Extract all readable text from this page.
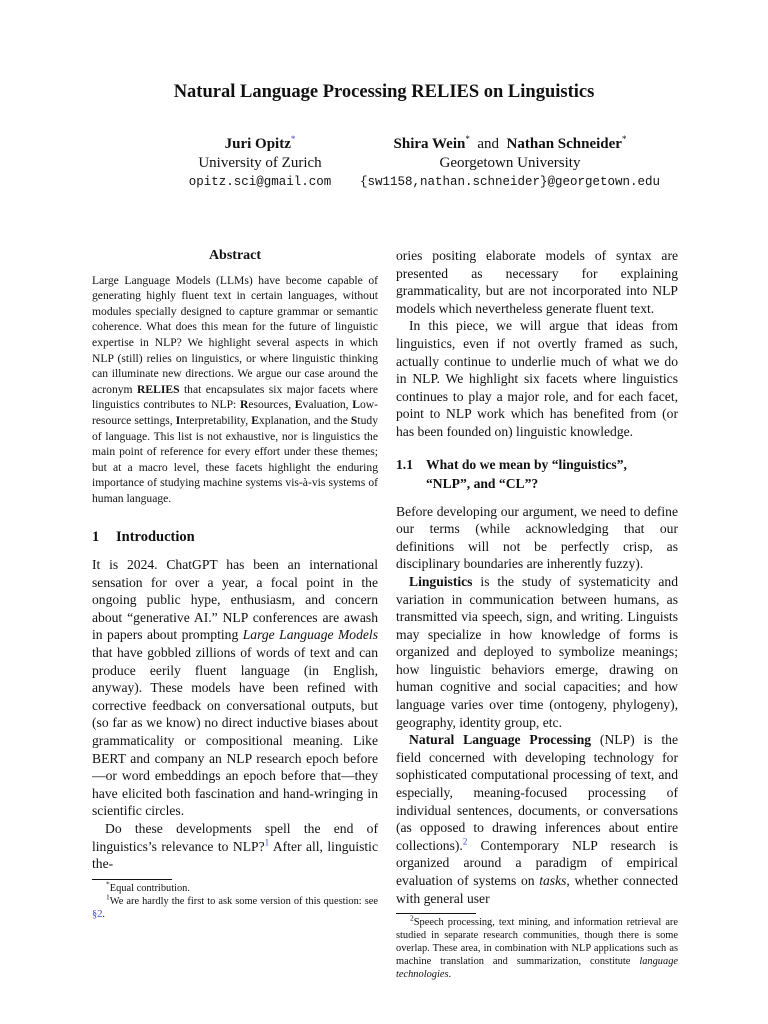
Natural Language Processing RELIES on Linguistics
Juri Opitz*
University of Zurich
opitz.sci@gmail.com
Shira Wein* and Nathan Schneider*
Georgetown University
{sw1158,nathan.schneider}@georgetown.edu
Abstract

Large Language Models (LLMs) have become capable of generating highly fluent text in certain languages, without modules specially designed to capture grammar or semantic coherence. What does this mean for the future of linguistic expertise in NLP? We highlight several aspects in which NLP (still) relies on linguistics, or where linguistic thinking can illuminate new directions. We argue our case around the acronym RELIES that encapsulates six major facets where linguistics contributes to NLP: Resources, Evaluation, Low-resource settings, Interpretability, Explanation, and the Study of language. This list is not exhaustive, nor is linguistics the main point of reference for every effort under these themes; but at a macro level, these facets highlight the enduring importance of studying machine systems vis-à-vis systems of human language.

1 Introduction

It is 2024. ChatGPT has been an international sensation for over a year, a focal point in the ongoing public hype, enthusiasm, and concern about “generative AI.” NLP conferences are awash in papers about prompting Large Language Models that have gobbled zillions of words of text and can produce eerily fluent language (in English, anyway). These models have been refined with corrective feedback on conversational outputs, but (so far as we know) no direct inductive biases about grammaticality or compositional meaning. Like BERT and company an NLP research epoch before—or word embeddings an epoch before that—they have elicited both fascination and hand-wringing in scientific circles.

Do these developments spell the end of linguistics’s relevance to NLP?$^1$ After all, linguistic the-

*Equal contribution.

$^1$We are hardly the first to ask some version of this question: see §2.

ories positing elaborate models of syntax are presented as necessary for explaining grammaticality, but are not incorporated into NLP models which nevertheless generate fluent text.

In this piece, we will argue that ideas from linguistics, even if not overtly framed as such, actually continue to underlie much of what we do in NLP. We highlight six facets where linguistics continues to play a major role, and for each facet, point to NLP work which has benefited from (or has been founded on) linguistic knowledge.

1.1 What do we mean by “linguistics”,
“NLP”, and “CL”?

Before developing our argument, we need to define our terms (while acknowledging that our definitions will not be perfectly crisp, as disciplinary boundaries are inherently fuzzy).

Linguistics is the study of systematicity and variation in communication between humans, as transmitted via speech, sign, and writing. Linguists may specialize in how knowledge of forms is organized and deployed to symbolize meanings; how linguistic behaviors emerge, drawing on human cognitive and social capacities; and how language varies over time (ontogeny, phylogeny), geography, identity group, etc.

Natural Language Processing (NLP) is the field concerned with developing technology for sophisticated computational processing of text, and especially, meaning-focused processing of individual sentences, documents, or conversations (as opposed to drawing inferences about entire collections).$^2$ Contemporary NLP research is organized around a paradigm of empirical evaluation of systems on tasks, whether connected with general user

$^2$Speech processing, text mining, and information retrieval are studied in separate research communities, though there is some overlap. These area, in combination with NLP applications such as machine translation and summarization, constitute language technologies.
